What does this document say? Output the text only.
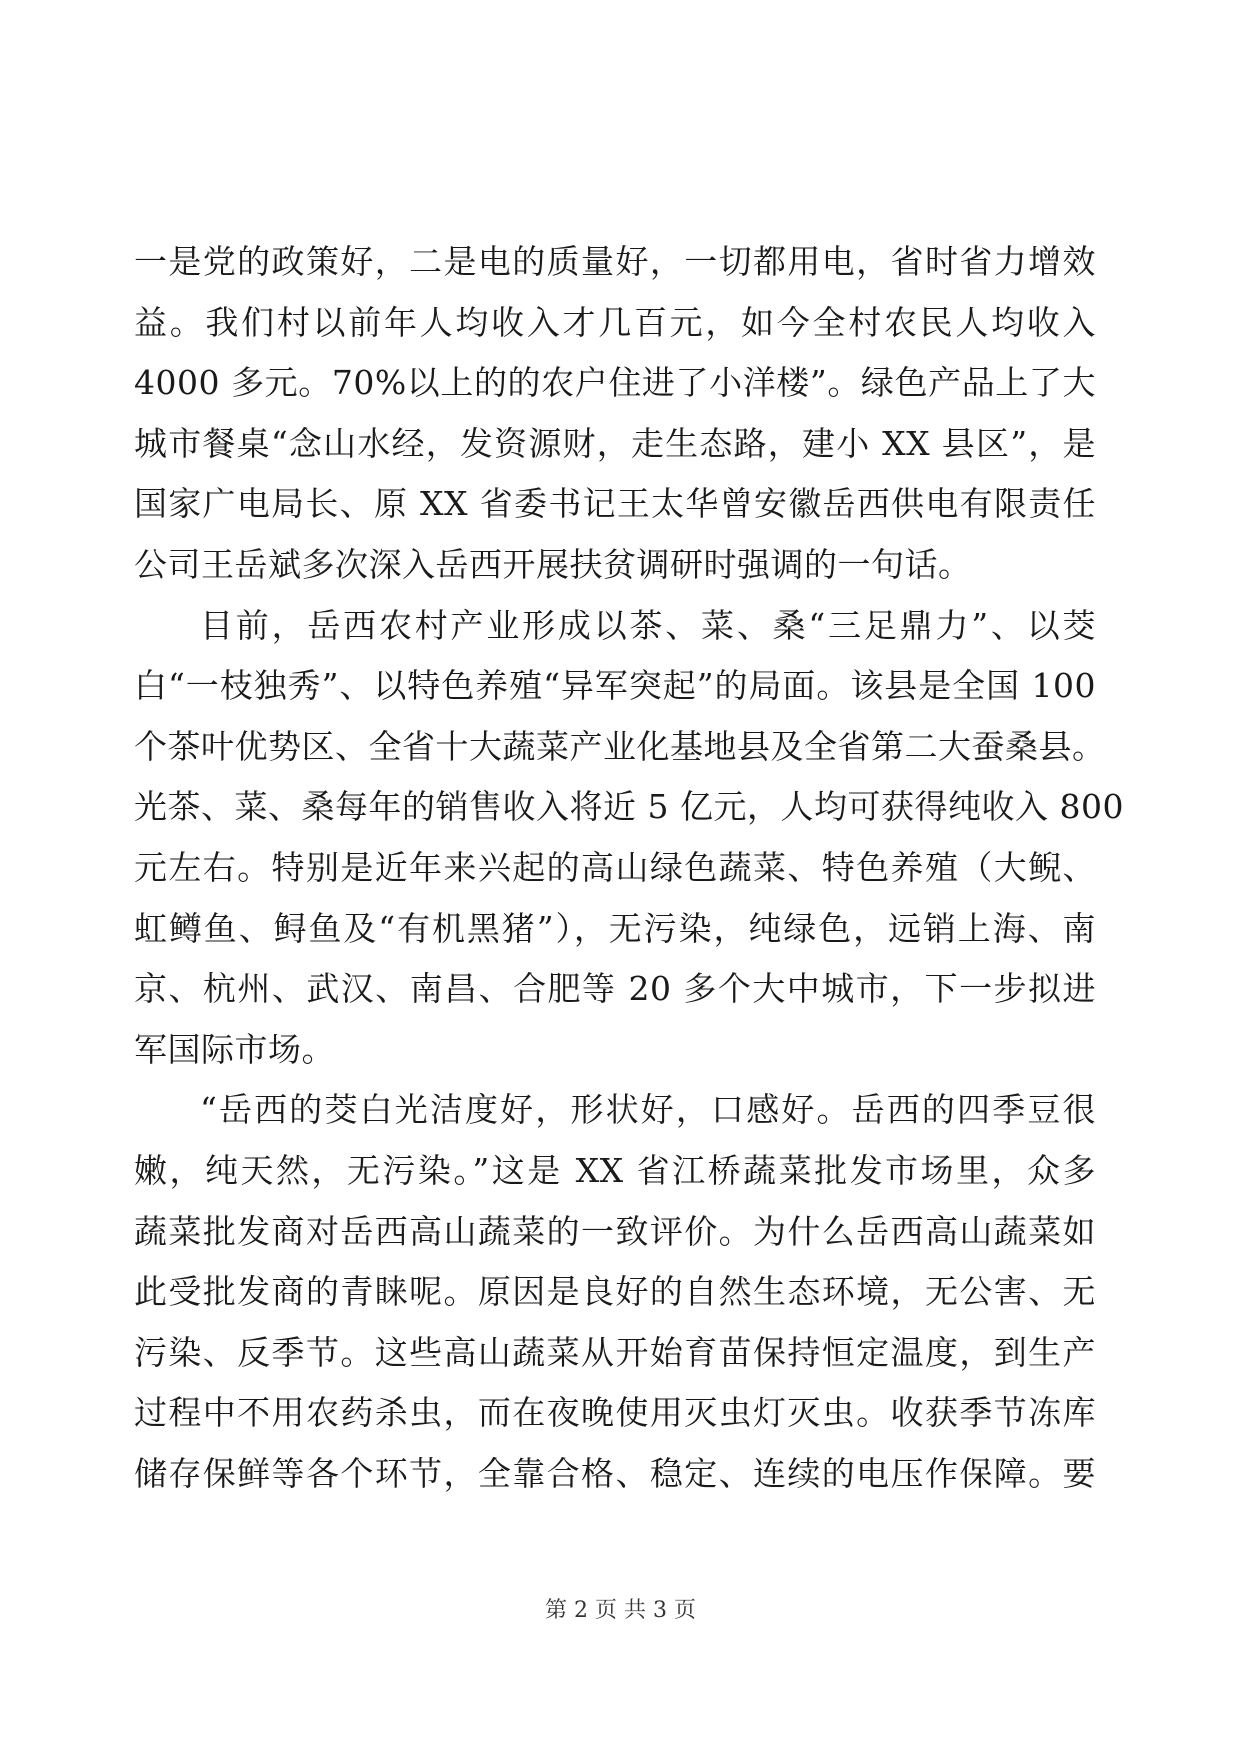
一是党的政策好，二是电的质量好，一切都用电，省时省力增效
益。我们村以前年人均收入才几百元，如今全村农民人均收入
4000 多元。70%以上的的农户住进了小洋楼”。绿色产品上了大
城市餐桌“念山水经，发资源财，走生态路，建小 XX 县区”，是
国家广电局长、原 XX 省委书记王太华曾安徽岳西供电有限责任
公司王岳斌多次深入岳西开展扶贫调研时强调的一句话。
目前，岳西农村产业形成以茶、菜、桑“三足鼎力”、以茭
白“一枝独秀”、以特色养殖“异军突起”的局面。该县是全国 100
个茶叶优势区、全省十大蔬菜产业化基地县及全省第二大蚕桑县。
光茶、菜、桑每年的销售收入将近 5 亿元，人均可获得纯收入 800
元左右。特别是近年来兴起的高山绿色蔬菜、特色养殖（大鲵、
虹鳟鱼、鲟鱼及“有机黑猪”），无污染，纯绿色，远销上海、南
京、杭州、武汉、南昌、合肥等 20 多个大中城市，下一步拟进
军国际市场。
“岳西的茭白光洁度好，形状好，口感好。岳西的四季豆很
嫩，纯天然，无污染。”这是 XX 省江桥蔬菜批发市场里，众多
蔬菜批发商对岳西高山蔬菜的一致评价。为什么岳西高山蔬菜如
此受批发商的青睐呢。原因是良好的自然生态环境，无公害、无
污染、反季节。这些高山蔬菜从开始育苗保持恒定温度，到生产
过程中不用农药杀虫，而在夜晚使用灭虫灯灭虫。收获季节冻库
储存保鲜等各个环节，全靠合格、稳定、连续的电压作保障。要
第 2 页 共 3 页
